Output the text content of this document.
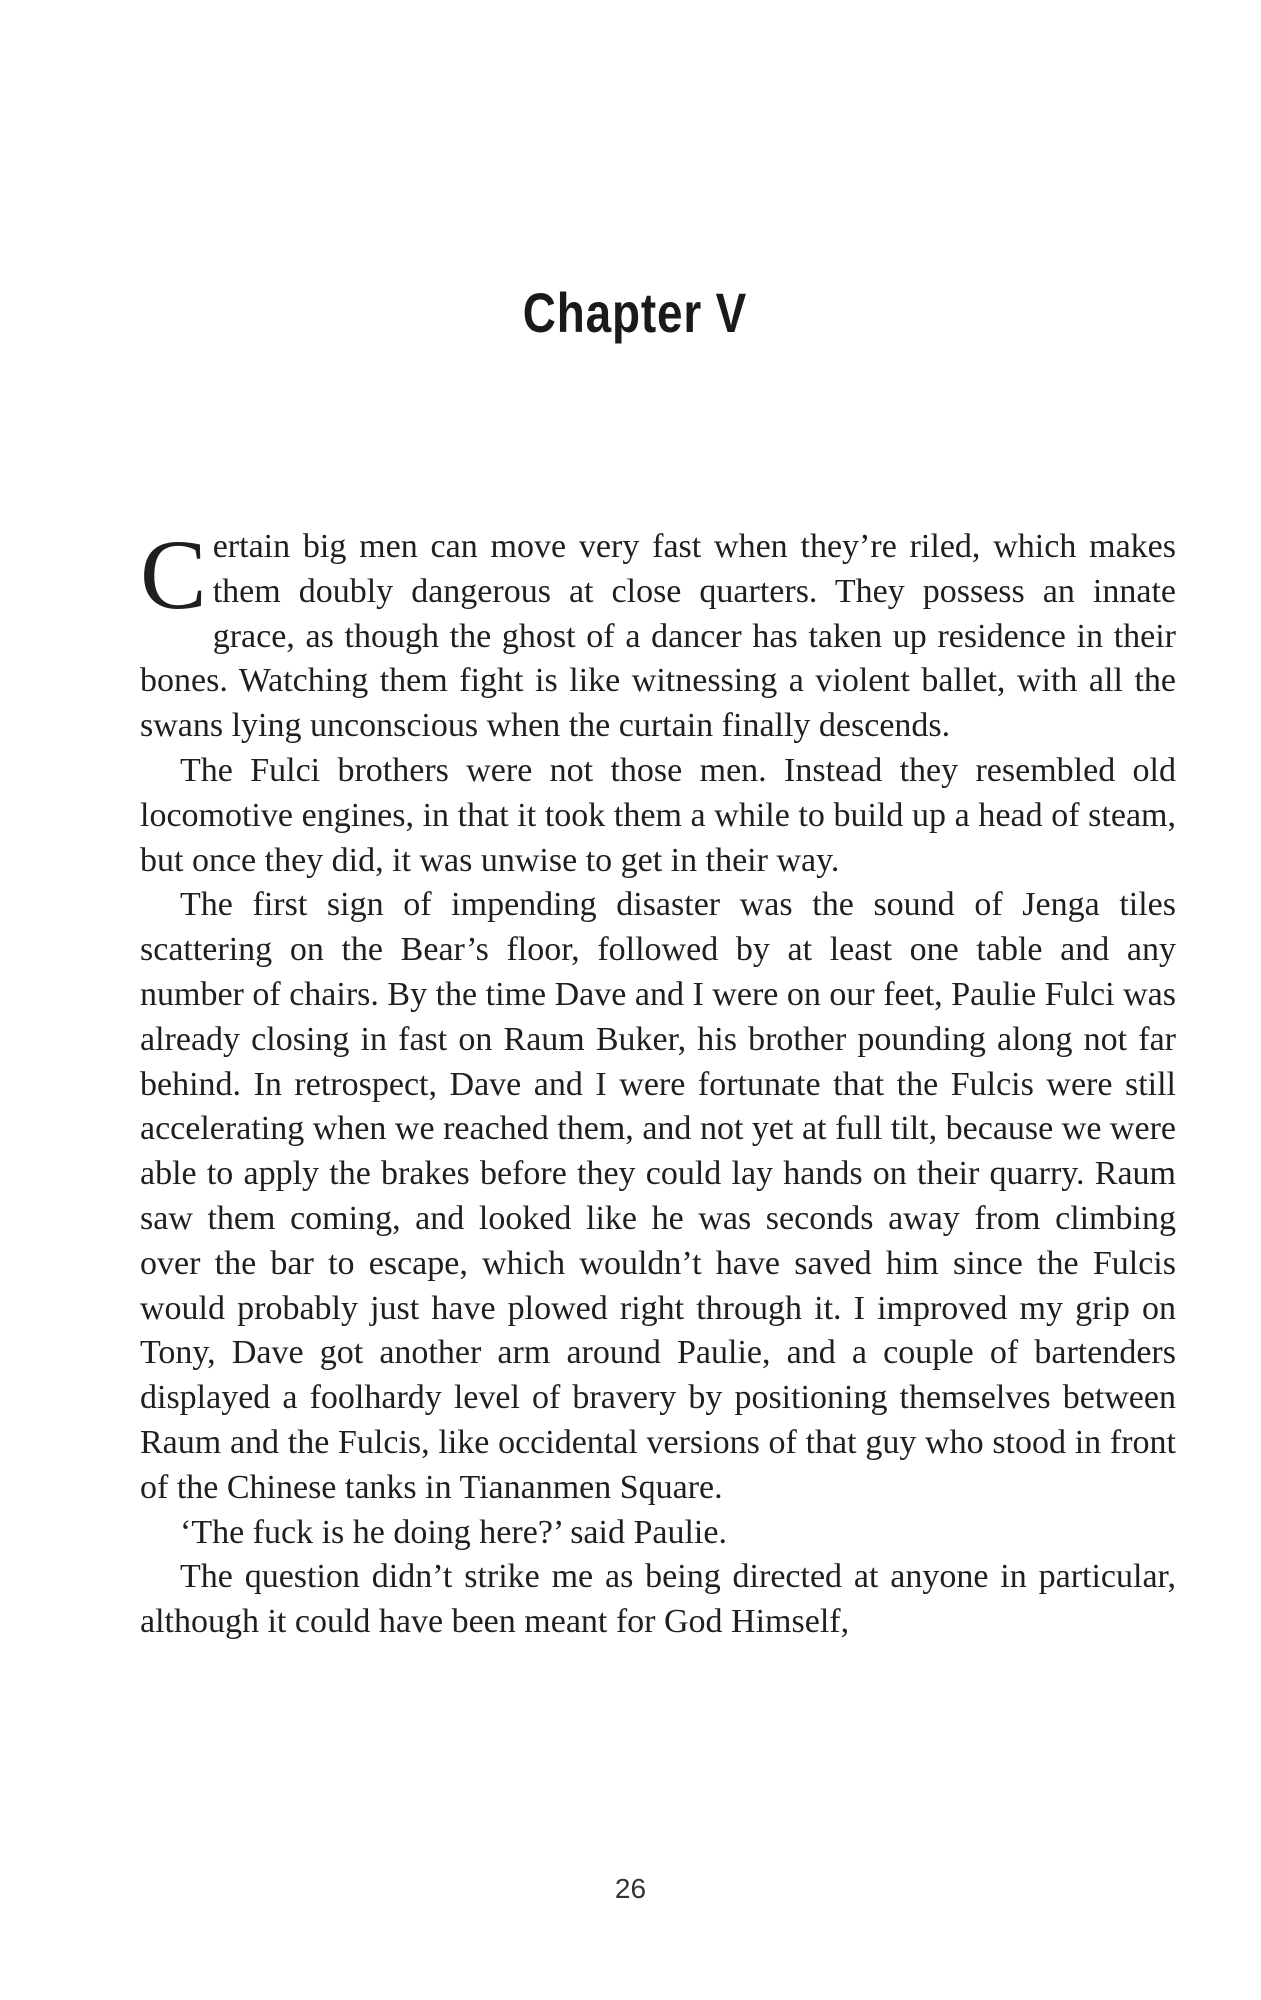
Chapter V

Certain big men can move very fast when they’re riled, which makes them doubly dangerous at close quarters. They possess an innate grace, as though the ghost of a dancer has taken up residence in their bones. Watching them fight is like witnessing a violent ballet, with all the swans lying unconscious when the curtain finally descends.

The Fulci brothers were not those men. Instead they resembled old locomotive engines, in that it took them a while to build up a head of steam, but once they did, it was unwise to get in their way.

The first sign of impending disaster was the sound of Jenga tiles scattering on the Bear’s floor, followed by at least one table and any number of chairs. By the time Dave and I were on our feet, Paulie Fulci was already closing in fast on Raum Buker, his brother pounding along not far behind. In retrospect, Dave and I were fortunate that the Fulcis were still accelerating when we reached them, and not yet at full tilt, because we were able to apply the brakes before they could lay hands on their quarry. Raum saw them coming, and looked like he was seconds away from climbing over the bar to escape, which wouldn’t have saved him since the Fulcis would probably just have plowed right through it. I improved my grip on Tony, Dave got another arm around Paulie, and a couple of bartenders displayed a foolhardy level of bravery by positioning themselves between Raum and the Fulcis, like occidental versions of that guy who stood in front of the Chinese tanks in Tiananmen Square.

‘The fuck is he doing here?’ said Paulie.

The question didn’t strike me as being directed at anyone in particular, although it could have been meant for God Himself,

26
